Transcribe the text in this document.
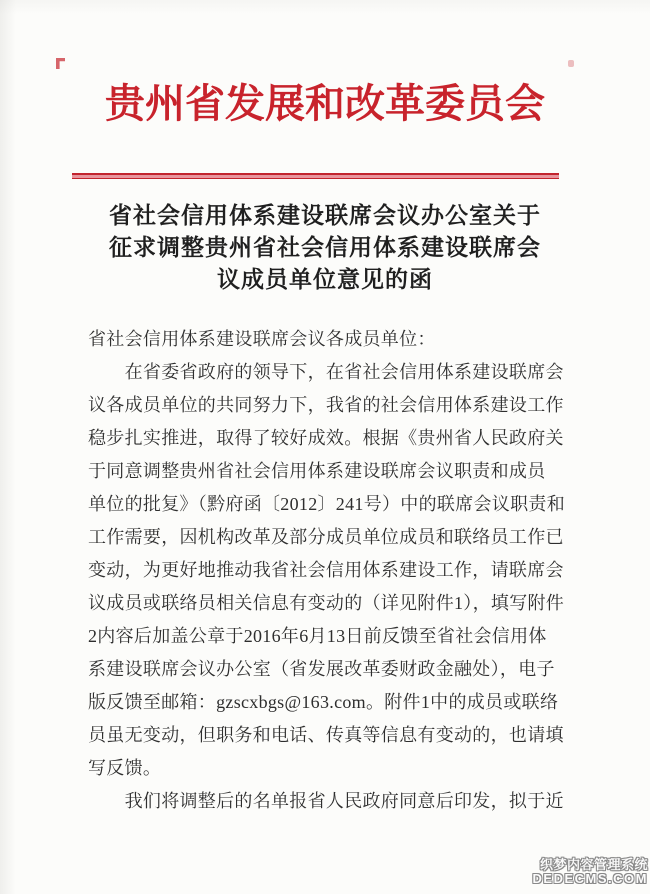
贵州省发展和改革委员会
省社会信用体系建设联席会议办公室关于
征求调整贵州省社会信用体系建设联席会
议成员单位意见的函
省社会信用体系建设联席会议各成员单位：
　　在省委省政府的领导下，在省社会信用体系建设联席会
议各成员单位的共同努力下，我省的社会信用体系建设工作
稳步扎实推进，取得了较好成效。根据《贵州省人民政府关
于同意调整贵州省社会信用体系建设联席会议职责和成员
单位的批复》（黔府函〔2012〕241号）中的联席会议职责和
工作需要，因机构改革及部分成员单位成员和联络员工作已
变动，为更好地推动我省社会信用体系建设工作，请联席会
议成员或联络员相关信息有变动的（详见附件1），填写附件
2内容后加盖公章于2016年6月13日前反馈至省社会信用体
系建设联席会议办公室（省发展改革委财政金融处），电子
版反馈至邮箱：gzscxbgs@163.com。附件1中的成员或联络
员虽无变动，但职务和电话、传真等信息有变动的，也请填
写反馈。
　　我们将调整后的名单报省人民政府同意后印发，拟于近
织梦内容管理系统
DEDECMS.COM
